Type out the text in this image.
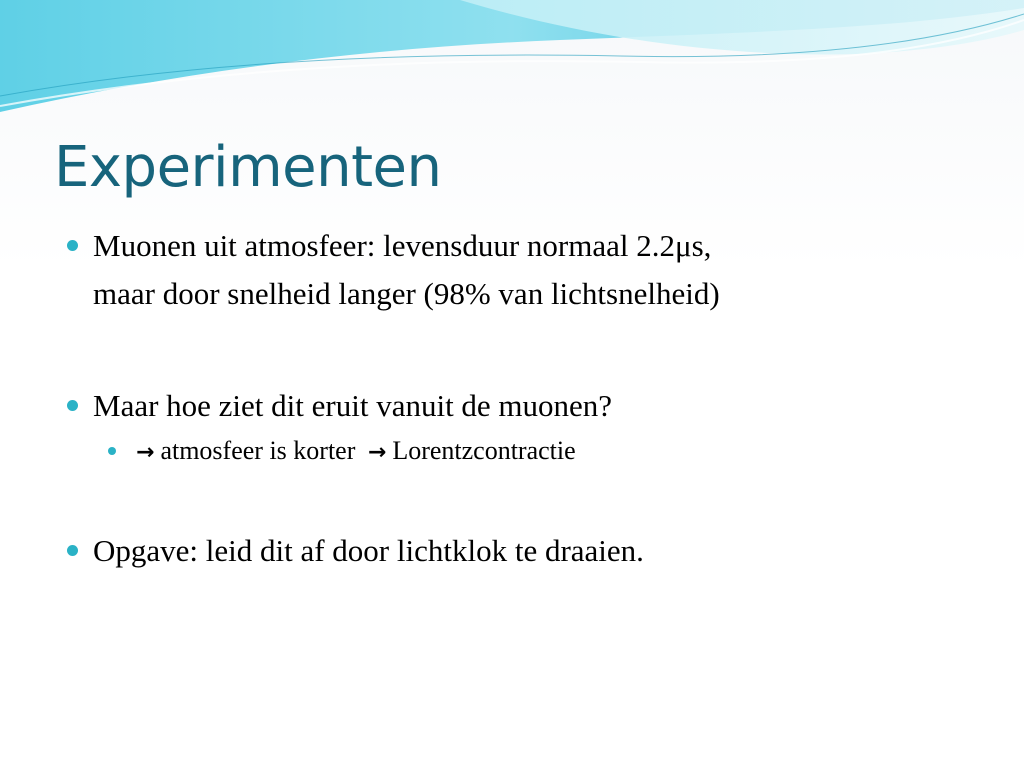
Experimenten
Muonen uit atmosfeer: levensduur normaal 2.2μs,
maar door snelheid langer (98% van lichtsnelheid)
Maar hoe ziet dit eruit vanuit de muonen?
→ atmosfeer is korter → Lorentzcontractie
Opgave: leid dit af door lichtklok te draaien.
